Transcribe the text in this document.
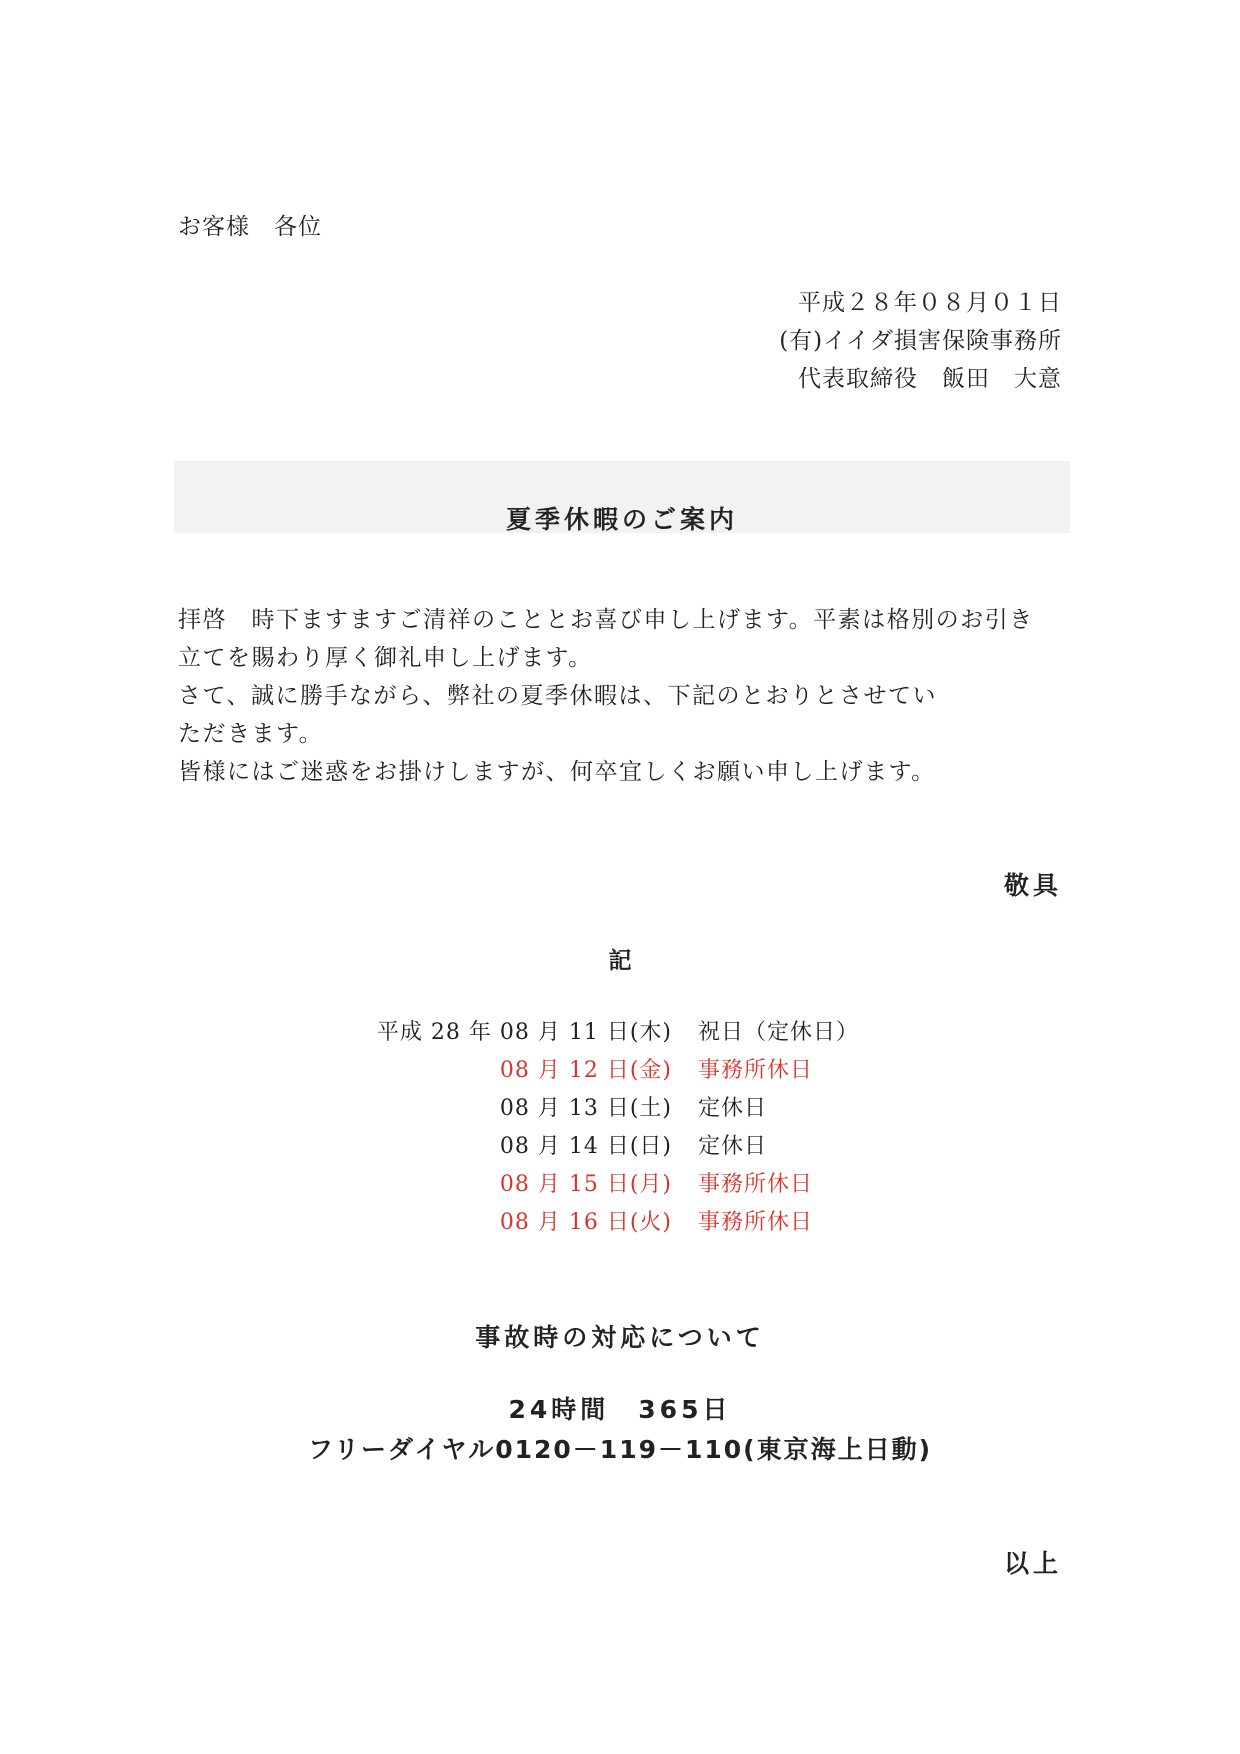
お客様　各位
平成２８年０８月０１日
(有)イイダ損害保険事務所
代表取締役　飯田　大意
夏季休暇のご案内
拝啓　時下ますますご清祥のこととお喜び申し上げます。平素は格別のお引き
立てを賜わり厚く御礼申し上げます。
さて、誠に勝手ながら、弊社の夏季休暇は、下記のとおりとさせてい
ただきます。
皆様にはご迷惑をお掛けしますが、何卒宜しくお願い申し上げます。
敬具
記
平成 28 年 08 月 11 日(木) 祝日（定休日）
08 月 12 日(金) 事務所休日
08 月 13 日(土) 定休日
08 月 14 日(日) 定休日
08 月 15 日(月) 事務所休日
08 月 16 日(火) 事務所休日
事故時の対応について
24時間　365日
フリーダイヤル0120－119－110(東京海上日動)
以上
